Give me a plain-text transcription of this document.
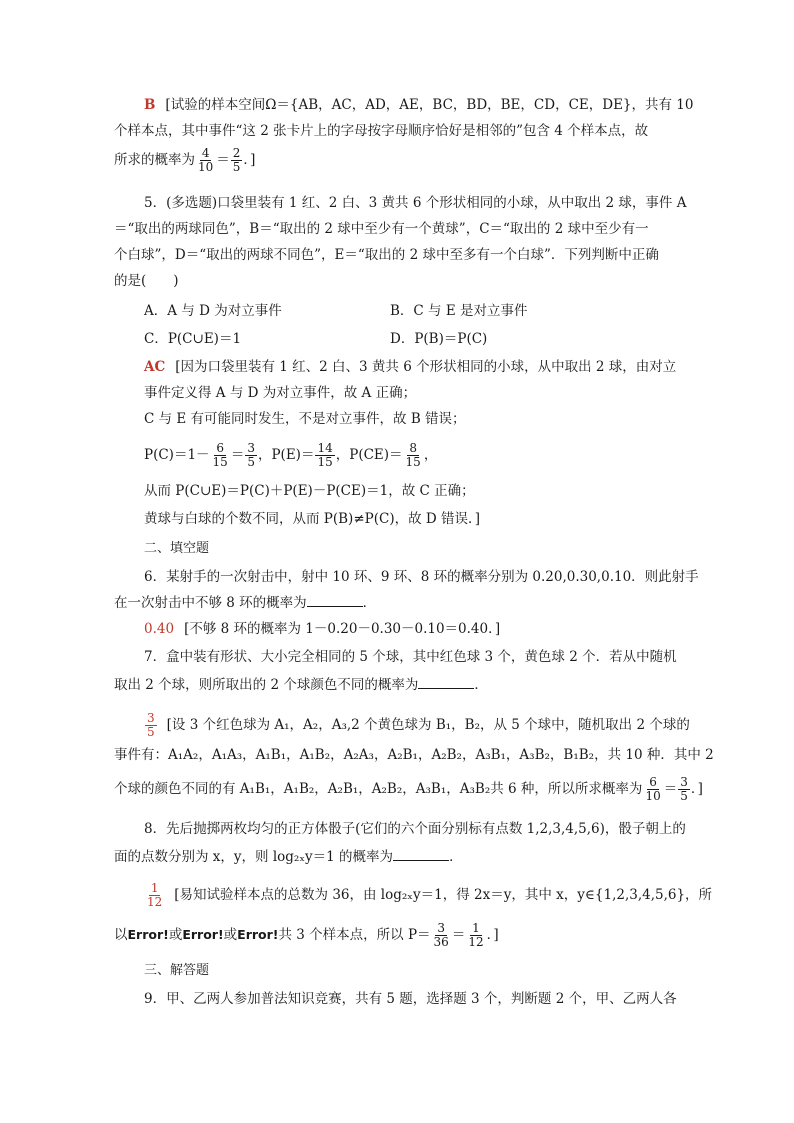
B [试验的样本空间Ω＝{AB，AC，AD，AE，BC，BD，BE，CD，CE，DE}，共有 10
个样本点，其中事件“这 2 张卡片上的字母按字母顺序恰好是相邻的”包含 4 个样本点，故
所求的概率为 $\frac{4}{10} = \frac{2}{5}$ ．]
5．(多选题)口袋里装有 1 红、2 白、3 黄共 6 个形状相同的小球，从中取出 2 球，事件 A
＝“取出的两球同色”，B＝“取出的 2 球中至少有一个黄球”，C＝“取出的 2 球中至少有一
个白球”，D＝“取出的两球不同色”，E＝“取出的 2 球中至多有一个白球”．下列判断中正确
的是(　　)
A．A 与 D 为对立事件	B．C 与 E 是对立事件
C．P(C∪E)＝1	D．P(B)＝P(C)
AC [因为口袋里装有 1 红、2 白、3 黄共 6 个形状相同的小球，从中取出 2 球，由对立
事件定义得 A 与 D 为对立事件，故 A 正确；
C 与 E 有可能同时发生，不是对立事件，故 B 错误；
$P(C)=1- \frac{6}{15} = \frac{3}{5}$ ，$P(E)= \frac{14}{15}$ ，$P(CE)= \frac{8}{15}$ ，
从而 P(C∪E)＝P(C)＋P(E)－P(CE)＝1，故 C 正确；
黄球与白球的个数不同，从而 P(B)≠P(C)，故 D 错误．]
二、填空题
6．某射手的一次射击中，射中 10 环、9 环、8 环的概率分别为 0.20,0.30,0.10．则此射手
在一次射击中不够 8 环的概率为	．
0.40 [不够 8 环的概率为 1－0.20－0.30－0.10＝0.40．]
7．盒中装有形状、大小完全相同的 5 个球，其中红色球 3 个，黄色球 2 个．若从中随机
取出 2 个球，则所取出的 2 个球颜色不同的概率为	．
$\frac{3}{5}$ [设 3 个红色球为 A₁，A₂，A₃,2 个黄色球为 B₁，B₂，从 5 个球中，随机取出 2 个球的
事件有：A₁A₂，A₁A₃，A₁B₁，A₁B₂，A₂A₃，A₂B₁，A₂B₂，A₃B₁，A₃B₂，B₁B₂，共 10 种．其中 2
个球的颜色不同的有 A₁B₁，A₁B₂，A₂B₁，A₂B₂，A₃B₁，A₃B₂共 6 种，所以所求概率为 $\frac{6}{10} = \frac{3}{5}$ ．]
8．先后抛掷两枚均匀的正方体骰子(它们的六个面分别标有点数 1,2,3,4,5,6)，骰子朝上的
面的点数分别为 x，y，则 log₂ₓy＝1 的概率为	．
$\frac{1}{12}$ [易知试验样本点的总数为 36，由 log₂ₓy＝1，得 2x＝y，其中 x，y∈{1,2,3,4,5,6}，所
以Error!或Error!或Error!共 3 个样本点，所以 $P= \frac{3}{36} = \frac{1}{12}$ ．]
三、解答题
9．甲、乙两人参加普法知识竞赛，共有 5 题，选择题 3 个，判断题 2 个，甲、乙两人各
